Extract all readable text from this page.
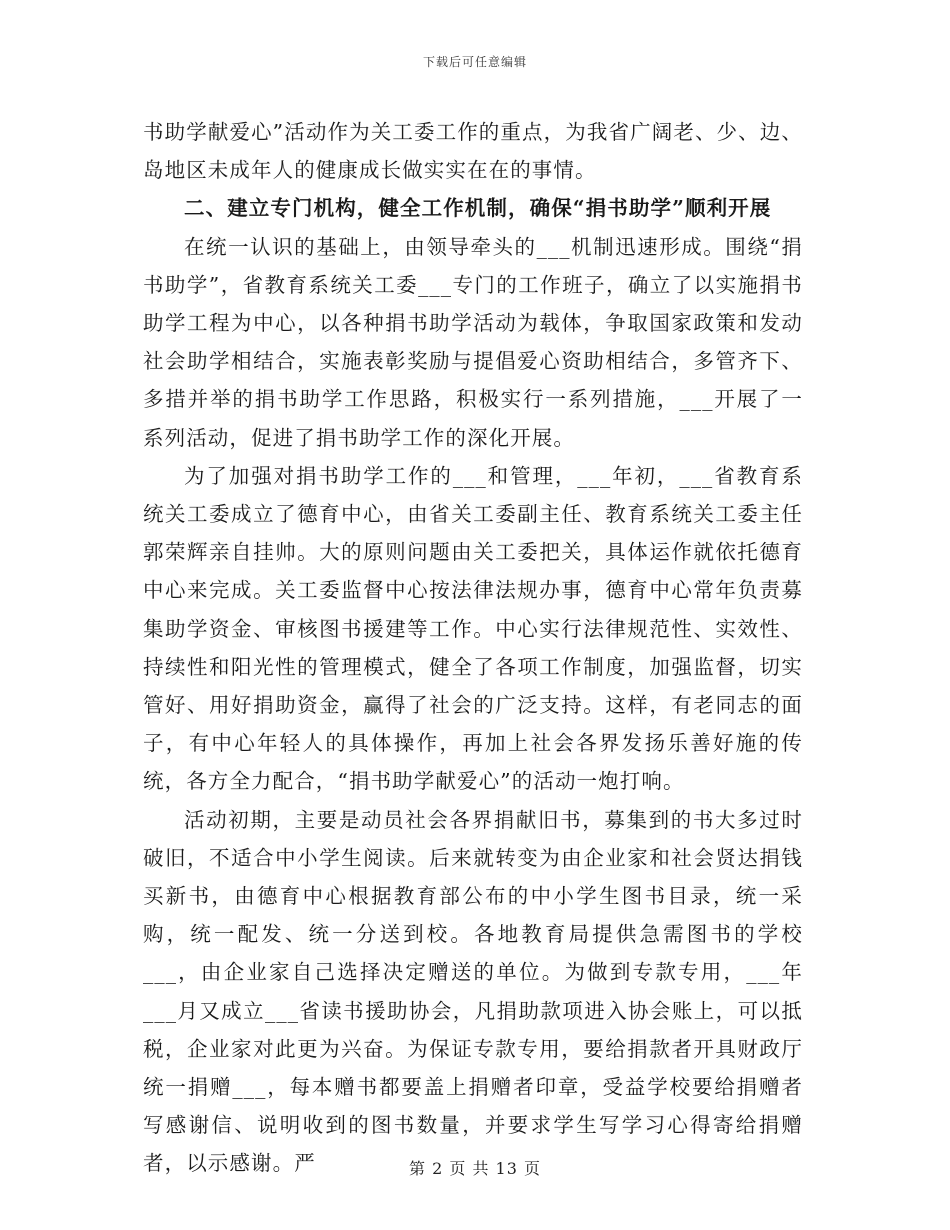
下载后可任意编辑

书助学献爱心”活动作为关工委工作的重点，为我省广阔老、少、边、岛地区未成年人的健康成长做实实在在的事情。

二、建立专门机构，健全工作机制，确保“捐书助学”顺利开展

在统一认识的基础上，由领导牵头的___机制迅速形成。围绕“捐书助学”，省教育系统关工委___专门的工作班子，确立了以实施捐书助学工程为中心，以各种捐书助学活动为载体，争取国家政策和发动社会助学相结合，实施表彰奖励与提倡爱心资助相结合，多管齐下、多措并举的捐书助学工作思路，积极实行一系列措施，___开展了一系列活动，促进了捐书助学工作的深化开展。

为了加强对捐书助学工作的___和管理，___年初，___省教育系统关工委成立了德育中心，由省关工委副主任、教育系统关工委主任郭荣辉亲自挂帅。大的原则问题由关工委把关，具体运作就依托德育中心来完成。关工委监督中心按法律法规办事，德育中心常年负责募集助学资金、审核图书援建等工作。中心实行法律规范性、实效性、持续性和阳光性的管理模式，健全了各项工作制度，加强监督，切实管好、用好捐助资金，赢得了社会的广泛支持。这样，有老同志的面子，有中心年轻人的具体操作，再加上社会各界发扬乐善好施的传统，各方全力配合，“捐书助学献爱心”的活动一炮打响。

活动初期，主要是动员社会各界捐献旧书，募集到的书大多过时破旧，不适合中小学生阅读。后来就转变为由企业家和社会贤达捐钱买新书，由德育中心根据教育部公布的中小学生图书目录，统一采购，统一配发、统一分送到校。各地教育局提供急需图书的学校___，由企业家自己选择决定赠送的单位。为做到专款专用，___年___月又成立___省读书援助协会，凡捐助款项进入协会账上，可以抵税，企业家对此更为兴奋。为保证专款专用，要给捐款者开具财政厅统一捐赠___，每本赠书都要盖上捐赠者印章，受益学校要给捐赠者写感谢信、说明收到的图书数量，并要求学生写学习心得寄给捐赠者，以示感谢。严	第 2 页 共 13 页
